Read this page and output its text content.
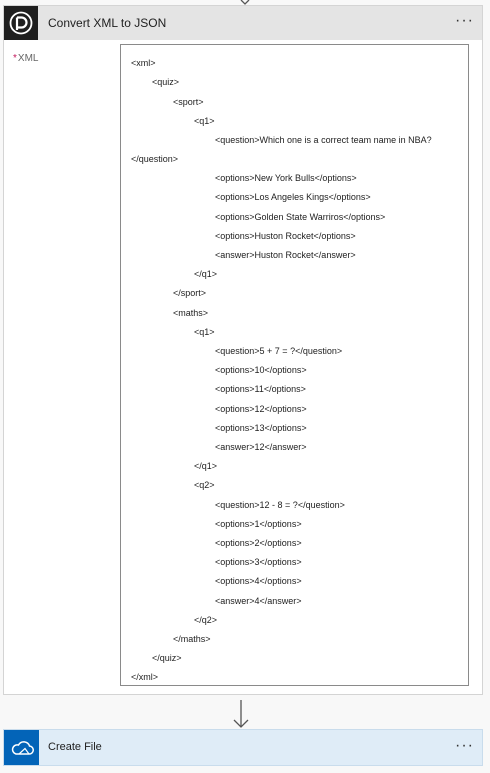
Convert XML to JSON	···
*XML	<xml>
<quiz>
<sport>
<q1>
<question>Which one is a correct team name in NBA?
</question>
<options>New York Bulls</options>
<options>Los Angeles Kings</options>
<options>Golden State Warriros</options>
<options>Huston Rocket</options>
<answer>Huston Rocket</answer>
</q1>
</sport>
<maths>
<q1>
<question>5 + 7 = ?</question>
<options>10</options>
<options>11</options>
<options>12</options>
<options>13</options>
<answer>12</answer>
</q1>
<q2>
<question>12 - 8 = ?</question>
<options>1</options>
<options>2</options>
<options>3</options>
<options>4</options>
<answer>4</answer>
</q2>
</maths>
</quiz>
</xml>
Create File	···
